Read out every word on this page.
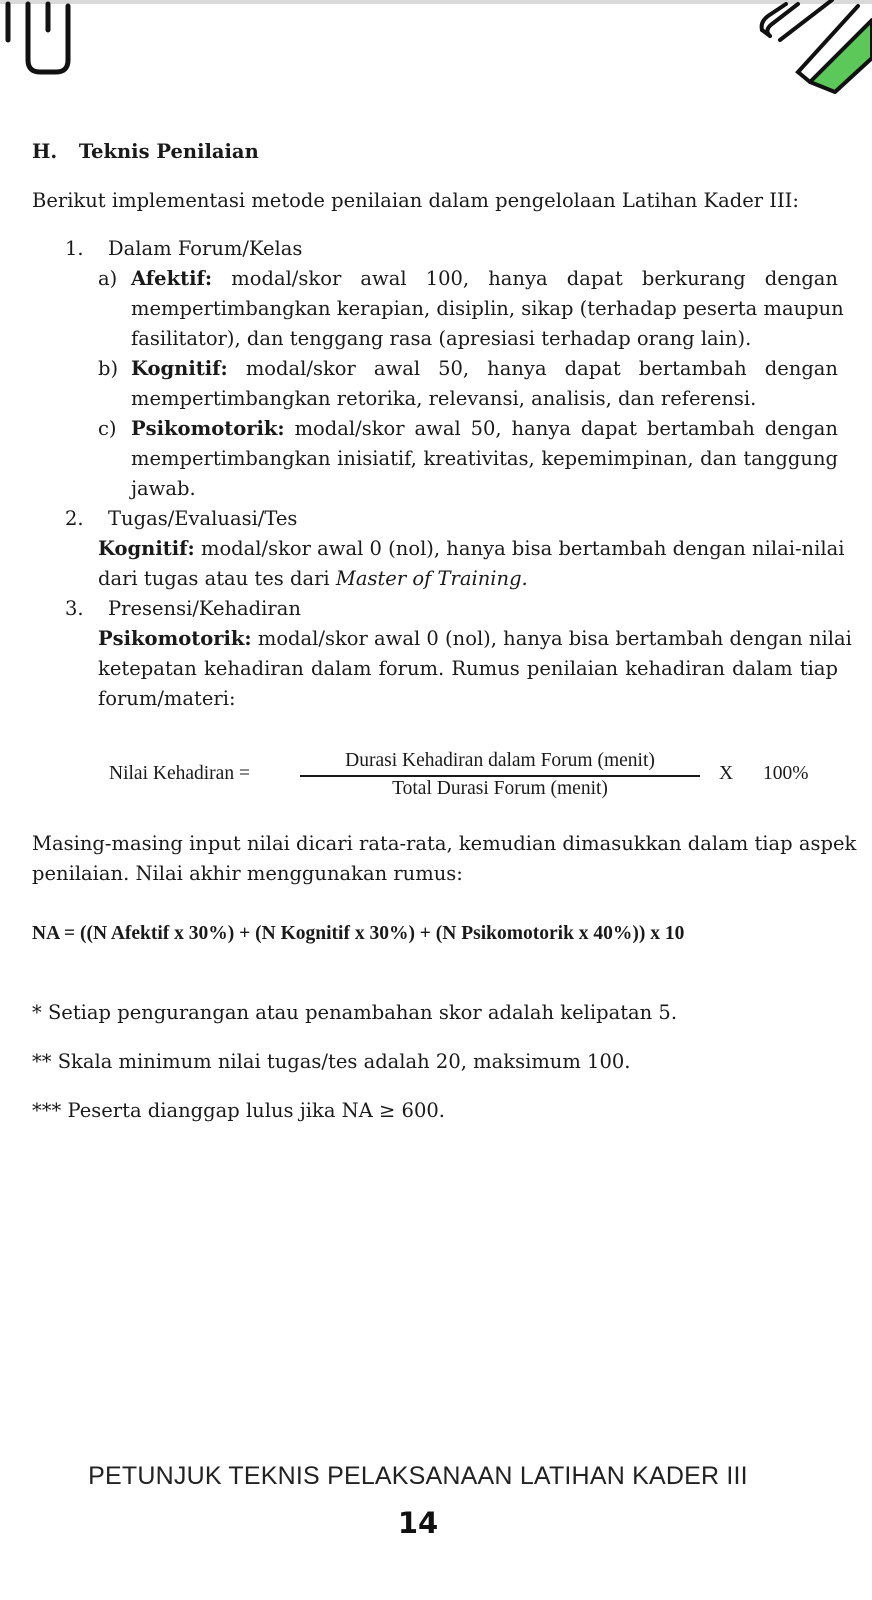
H. Teknis Penilaian
Berikut implementasi metode penilaian dalam pengelolaan Latihan Kader III:
1. Dalam Forum/Kelas
a) Afektif: modal/skor awal 100, hanya dapat berkurang dengan
mempertimbangkan kerapian, disiplin, sikap (terhadap peserta maupun
fasilitator), dan tenggang rasa (apresiasi terhadap orang lain).
b) Kognitif: modal/skor awal 50, hanya dapat bertambah dengan
mempertimbangkan retorika, relevansi, analisis, dan referensi.
c) Psikomotorik: modal/skor awal 50, hanya dapat bertambah dengan
mempertimbangkan inisiatif, kreativitas, kepemimpinan, dan tanggung
jawab.
2. Tugas/Evaluasi/Tes
Kognitif: modal/skor awal 0 (nol), hanya bisa bertambah dengan nilai-nilai
dari tugas atau tes dari Master of Training.
3. Presensi/Kehadiran
Psikomotorik: modal/skor awal 0 (nol), hanya bisa bertambah dengan nilai
ketepatan kehadiran dalam forum. Rumus penilaian kehadiran dalam tiap
forum/materi:
Nilai Kehadiran =
Durasi Kehadiran dalam Forum (menit)
Total Durasi Forum (menit)
X 100%
Masing-masing input nilai dicari rata-rata, kemudian dimasukkan dalam tiap aspek
penilaian. Nilai akhir menggunakan rumus:
NA = ((N Afektif x 30%) + (N Kognitif x 30%) + (N Psikomotorik x 40%)) x 10
* Setiap pengurangan atau penambahan skor adalah kelipatan 5.
** Skala minimum nilai tugas/tes adalah 20, maksimum 100.
*** Peserta dianggap lulus jika NA ≥ 600.
PETUNJUK TEKNIS PELAKSANAAN LATIHAN KADER III
14
